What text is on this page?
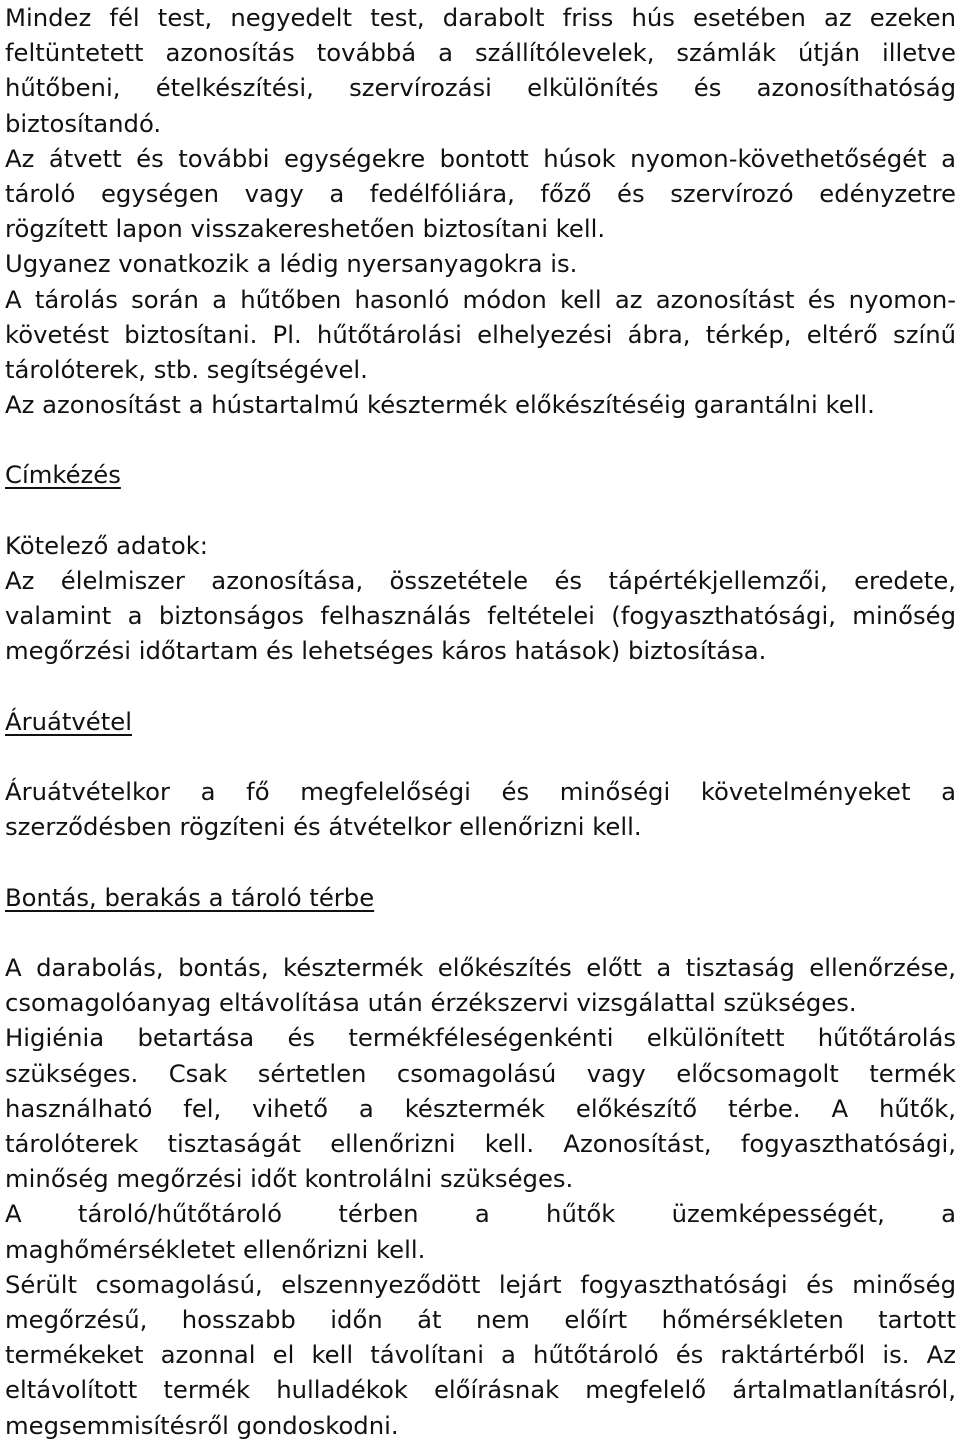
Mindez fél test, negyedelt test, darabolt friss hús esetében az ezeken
feltüntetett azonosítás továbbá a szállítólevelek, számlák útján illetve
hűtőbeni, ételkészítési, szervírozási elkülönítés és azonosíthatóság
biztosítandó.
Az átvett és további egységekre bontott húsok nyomon-követhetőségét a
tároló egységen vagy a fedélfóliára, főző és szervírozó edényzetre
rögzített lapon visszakereshetően biztosítani kell.
Ugyanez vonatkozik a lédig nyersanyagokra is.
A tárolás során a hűtőben hasonló módon kell az azonosítást és nyomon-
követést biztosítani. Pl. hűtőtárolási elhelyezési ábra, térkép, eltérő színű
tárolóterek, stb. segítségével.
Az azonosítást a hústartalmú késztermék előkészítéséig garantálni kell.
Címkézés
Kötelező adatok:
Az élelmiszer azonosítása, összetétele és tápértékjellemzői, eredete,
valamint a biztonságos felhasználás feltételei (fogyaszthatósági, minőség
megőrzési időtartam és lehetséges káros hatások) biztosítása.
Áruátvétel
Áruátvételkor a fő megfelelőségi és minőségi követelményeket a
szerződésben rögzíteni és átvételkor ellenőrizni kell.
Bontás, berakás a tároló térbe
A darabolás, bontás, késztermék előkészítés előtt a tisztaság ellenőrzése,
csomagolóanyag eltávolítása után érzékszervi vizsgálattal szükséges.
Higiénia betartása és termékféleségenkénti elkülönített hűtőtárolás
szükséges. Csak sértetlen csomagolású vagy előcsomagolt termék
használható fel, vihető a késztermék előkészítő térbe. A hűtők,
tárolóterek tisztaságát ellenőrizni kell. Azonosítást, fogyaszthatósági,
minőség megőrzési időt kontrolálni szükséges.
A tároló/hűtőtároló térben a hűtők üzemképességét, a
maghőmérsékletet ellenőrizni kell.
Sérült csomagolású, elszennyeződött lejárt fogyaszthatósági és minőség
megőrzésű, hosszabb időn át nem előírt hőmérsékleten tartott
termékeket azonnal el kell távolítani a hűtőtároló és raktártérből is. Az
eltávolított termék hulladékok előírásnak megfelelő ártalmatlanításról,
megsemmisítésről gondoskodni.
